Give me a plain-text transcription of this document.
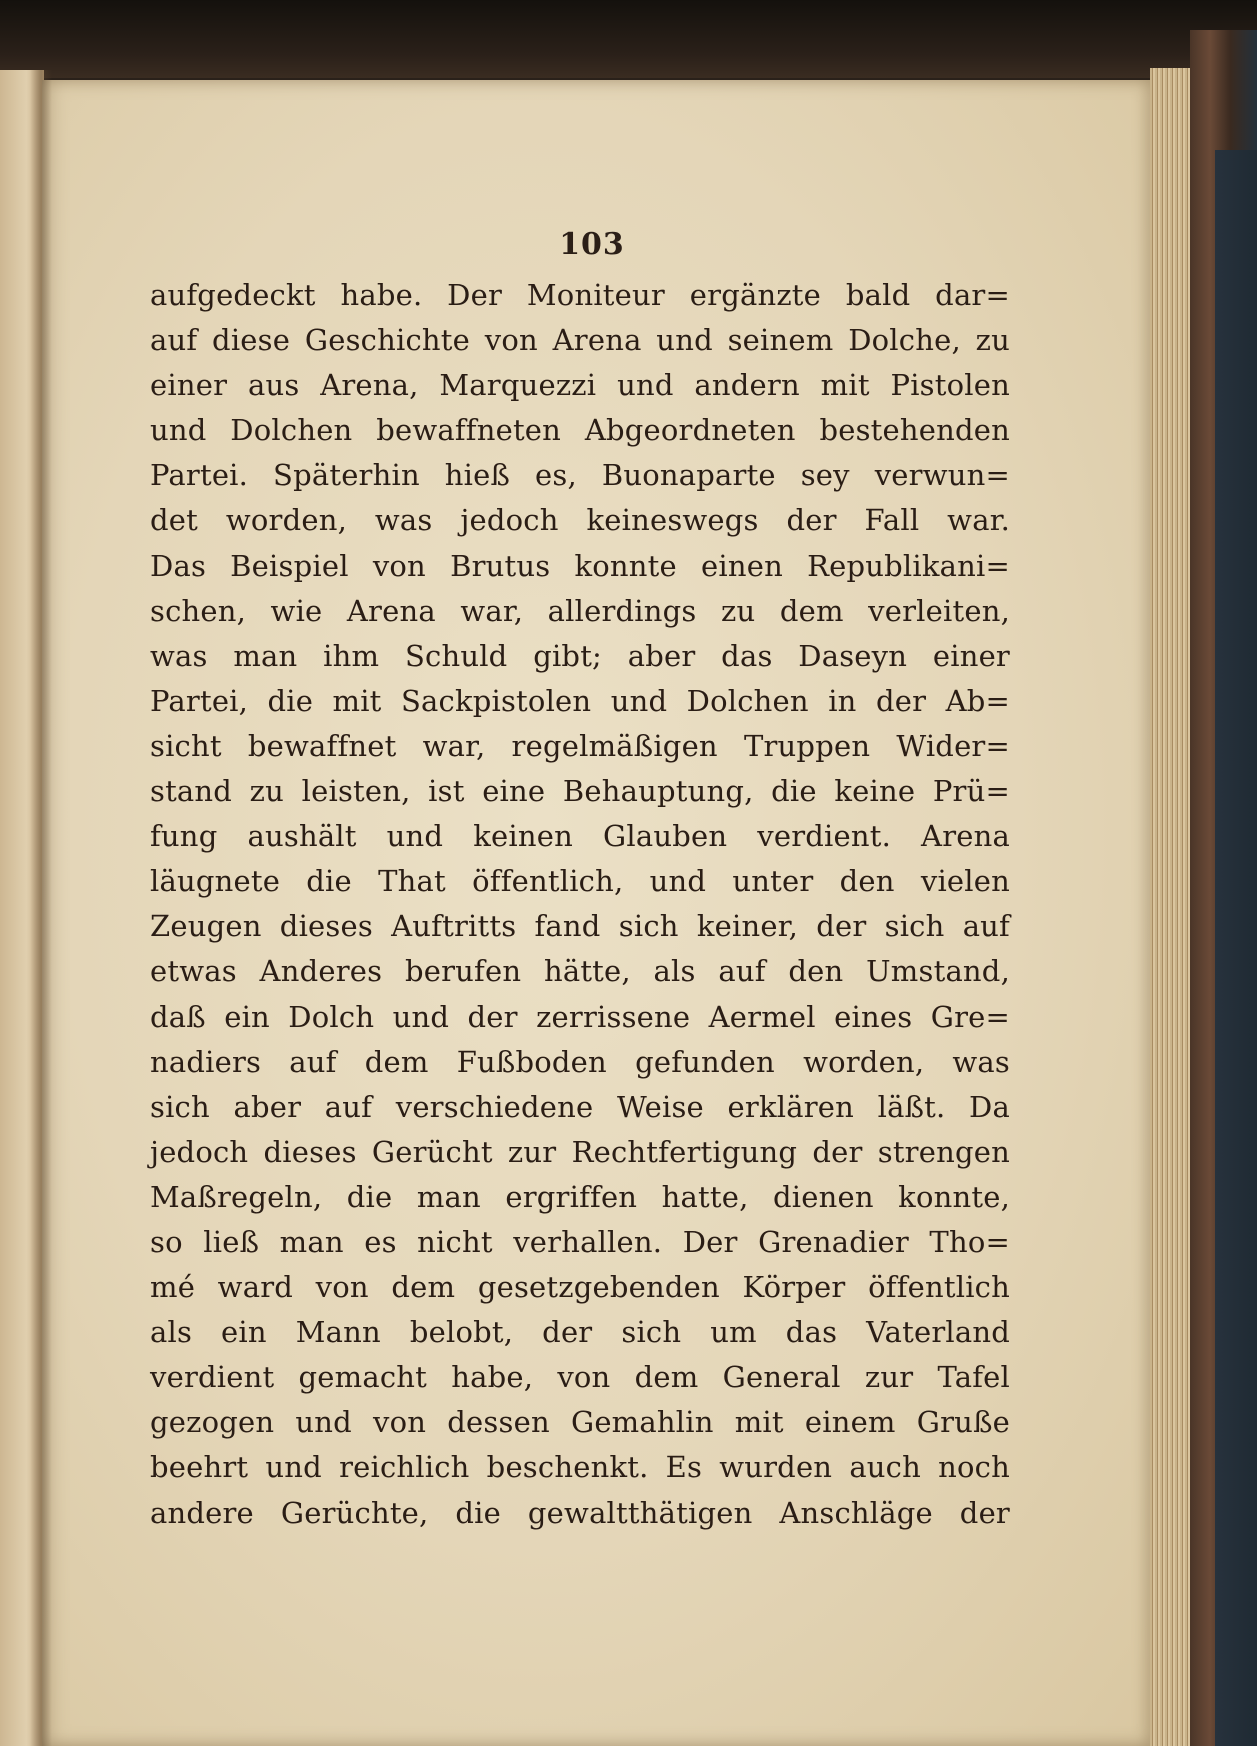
103
aufgedeckt habe. Der Moniteur ergänzte bald dar=
auf diese Geschichte von Arena und seinem Dolche, zu
einer aus Arena, Marquezzi und andern mit Pistolen
und Dolchen bewaffneten Abgeordneten bestehenden
Partei. Späterhin hieß es, Buonaparte sey verwun=
det worden, was jedoch keineswegs der Fall war.
Das Beispiel von Brutus konnte einen Republikani=
schen, wie Arena war, allerdings zu dem verleiten,
was man ihm Schuld gibt; aber das Daseyn einer
Partei, die mit Sackpistolen und Dolchen in der Ab=
sicht bewaffnet war, regelmäßigen Truppen Wider=
stand zu leisten, ist eine Behauptung, die keine Prü=
fung aushält und keinen Glauben verdient. Arena
läugnete die That öffentlich, und unter den vielen
Zeugen dieses Auftritts fand sich keiner, der sich auf
etwas Anderes berufen hätte, als auf den Umstand,
daß ein Dolch und der zerrissene Aermel eines Gre=
nadiers auf dem Fußboden gefunden worden, was
sich aber auf verschiedene Weise erklären läßt. Da
jedoch dieses Gerücht zur Rechtfertigung der strengen
Maßregeln, die man ergriffen hatte, dienen konnte,
so ließ man es nicht verhallen. Der Grenadier Tho=
mé ward von dem gesetzgebenden Körper öffentlich
als ein Mann belobt, der sich um das Vaterland
verdient gemacht habe, von dem General zur Tafel
gezogen und von dessen Gemahlin mit einem Gruße
beehrt und reichlich beschenkt. Es wurden auch noch
andere Gerüchte, die gewaltthätigen Anschläge der
